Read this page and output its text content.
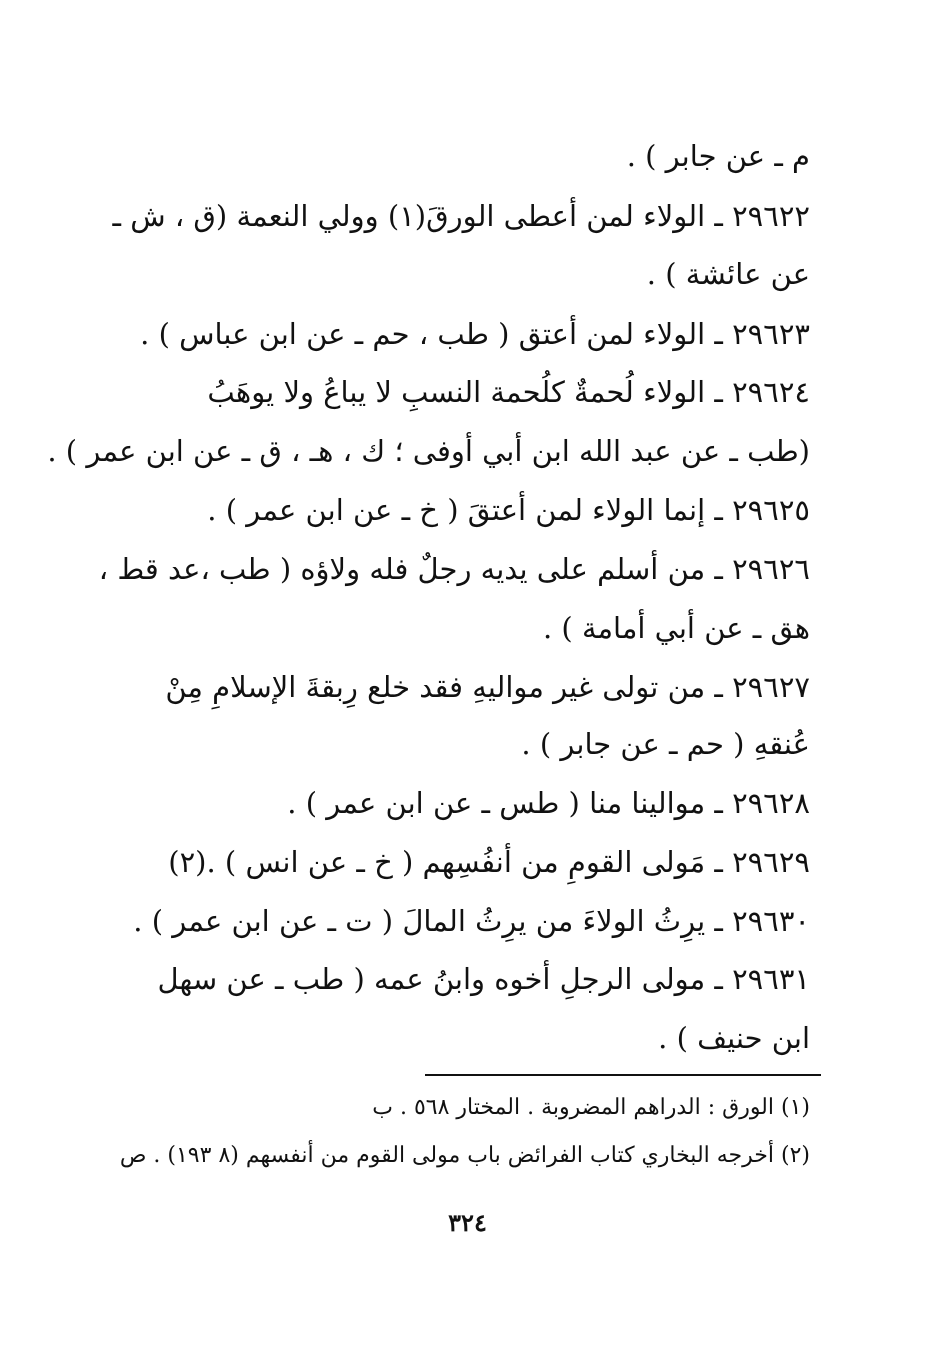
م ـ عن جابر ) .
٢٩٦٢٢ ـ الولاء لمن أعطى الورقَ(١) وولي النعمة (ق ، ش ـ
عن عائشة ) .
٢٩٦٢٣ ـ الولاء لمن أعتق ( طب ، حم ـ عن ابن عباس ) .
٢٩٦٢٤ ـ الولاء لُحمةٌ كلُحمة النسبِ لا يباعُ ولا يوهَبُ
(طب ـ عن عبد الله ابن أبي أوفى ؛ ك ، هـ ، ق ـ عن ابن عمر ) .
٢٩٦٢٥ ـ إنما الولاء لمن أعتقَ ( خ ـ عن ابن عمر ) .
٢٩٦٢٦ ـ من أسلم على يديه رجلٌ فله ولاؤه ( طب ،عد قط ،
هق ـ عن أبي أمامة ) .
٢٩٦٢٧ ـ من تولى غير مواليهِ فقد خلع رِبقةَ الإسلامِ مِنْ
عُنقهِ ( حم ـ عن جابر ) .
٢٩٦٢٨ ـ موالينا منا ( طس ـ عن ابن عمر ) .
٢٩٦٢٩ ـ مَولى القومِ من أنفُسِهم ( خ ـ عن انس ) .(٢)
٢٩٦٣٠ ـ يرِثُ الولاءَ من يرِثُ المالَ ( ت ـ عن ابن عمر ) .
٢٩٦٣١ ـ مولى الرجلِ أخوه وابنُ عمه ( طب ـ عن سهل
ابن حنيف ) .
(١) الورق : الدراهم المضروبة . المختار ٥٦٨ . ب
(٢) أخرجه البخاري كتاب الفرائض باب مولى القوم من أنفسهم (٨ ١٩٣) . ص
٣٢٤
